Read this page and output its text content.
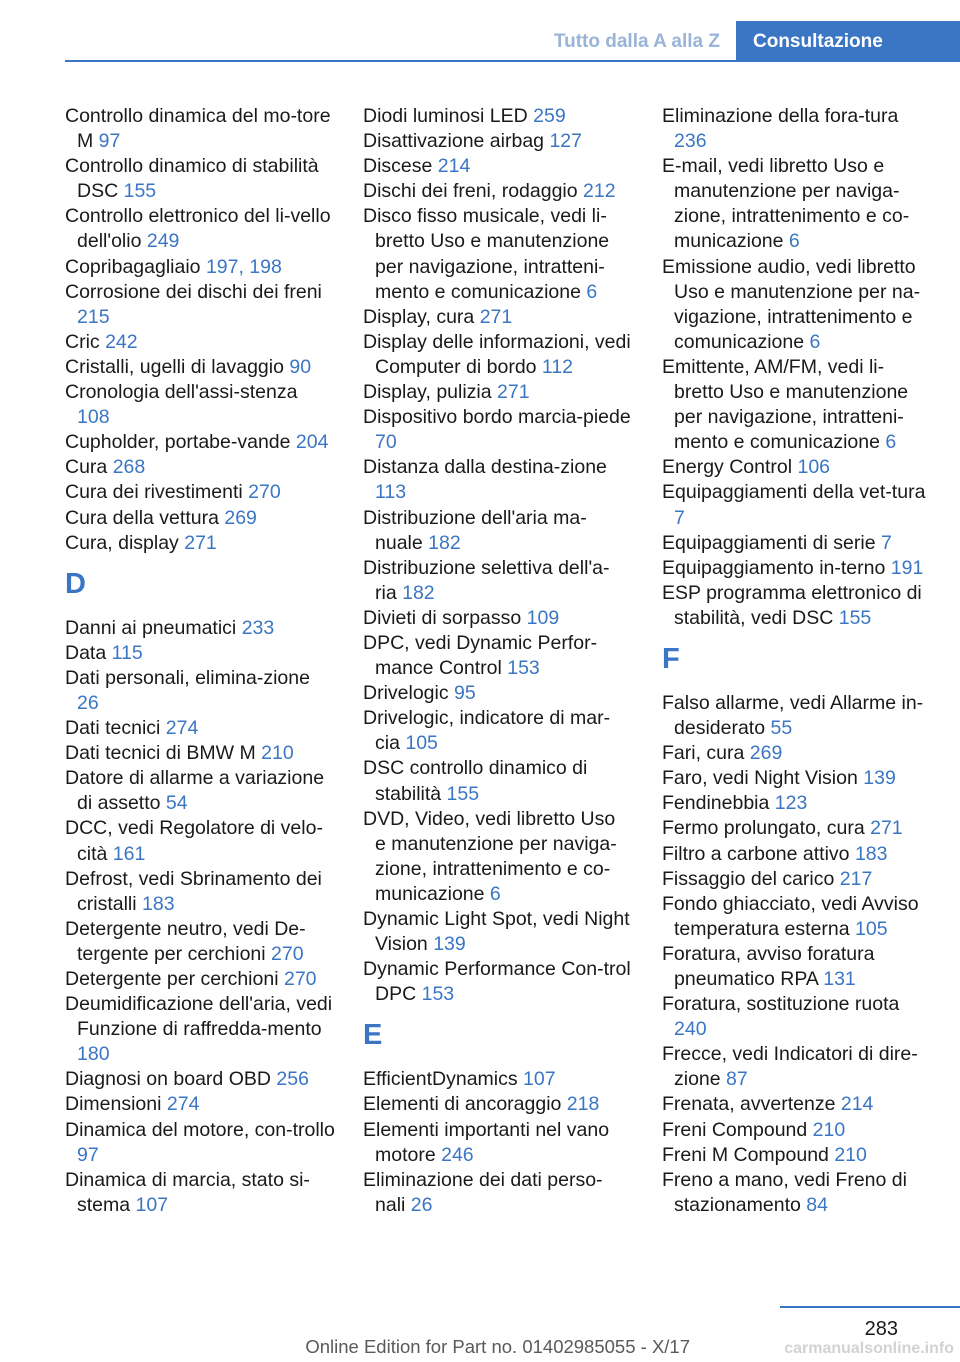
Tutto dalla A alla Z	Consultazione
Controllo dinamica del mo‐tore M 97
Controllo dinamico di stabilità DSC 155
Controllo elettronico del li‐vello dell'olio 249
Copribagagliaio 197, 198
Corrosione dei dischi dei freni 215
Cric 242
Cristalli, ugelli di lavaggio 90
Cronologia dell'assi‐stenza 108
Cupholder, portabe‐vande 204
Cura 268
Cura dei rivestimenti 270
Cura della vettura 269
Cura, display 271
D
Danni ai pneumatici 233
Data 115
Dati personali, elimina‐zione 26
Dati tecnici 274
Dati tecnici di BMW M 210
Datore di allarme a variazione di assetto 54
DCC, vedi Regolatore di velo‐cità 161
Defrost, vedi Sbrinamento dei cristalli 183
Detergente neutro, vedi De‐tergente per cerchioni 270
Detergente per cerchioni 270
Deumidificazione dell'aria, vedi Funzione di raffredda‐mento 180
Diagnosi on board OBD 256
Dimensioni 274
Dinamica del motore, con‐trollo 97
Dinamica di marcia, stato si‐stema 107
Diodi luminosi LED 259
Disattivazione airbag 127
Discese 214
Dischi dei freni, rodaggio 212
Disco fisso musicale, vedi li‐bretto Uso e manutenzione per navigazione, intratteni‐mento e comunicazione 6
Display, cura 271
Display delle informazioni, vedi Computer di bordo 112
Display, pulizia 271
Dispositivo bordo marcia‐piede 70
Distanza dalla destina‐zione 113
Distribuzione dell'aria ma‐nuale 182
Distribuzione selettiva dell'a‐ria 182
Divieti di sorpasso 109
DPC, vedi Dynamic Perfor‐mance Control 153
Drivelogic 95
Drivelogic, indicatore di mar‐cia 105
DSC controllo dinamico di stabilità 155
DVD, Video, vedi libretto Uso e manutenzione per naviga‐zione, intrattenimento e co‐municazione 6
Dynamic Light Spot, vedi Night Vision 139
Dynamic Performance Con‐trol DPC 153
E
EfficientDynamics 107
Elementi di ancoraggio 218
Elementi importanti nel vano motore 246
Eliminazione dei dati perso‐nali 26
Eliminazione della fora‐tura 236
E-mail, vedi libretto Uso e manutenzione per naviga‐zione, intrattenimento e co‐municazione 6
Emissione audio, vedi libretto Uso e manutenzione per na‐vigazione, intrattenimento e comunicazione 6
Emittente, AM/FM, vedi li‐bretto Uso e manutenzione per navigazione, intratteni‐mento e comunicazione 6
Energy Control 106
Equipaggiamenti della vet‐tura 7
Equipaggiamenti di serie 7
Equipaggiamento in‐terno 191
ESP programma elettronico di stabilità, vedi DSC 155
F
Falso allarme, vedi Allarme in‐desiderato 55
Fari, cura 269
Faro, vedi Night Vision 139
Fendinebbia 123
Fermo prolungato, cura 271
Filtro a carbone attivo 183
Fissaggio del carico 217
Fondo ghiacciato, vedi Avviso temperatura esterna 105
Foratura, avviso foratura pneumatico RPA 131
Foratura, sostituzione ruota 240
Frecce, vedi Indicatori di dire‐zione 87
Frenata, avvertenze 214
Freni Compound 210
Freni M Compound 210
Freno a mano, vedi Freno di stazionamento 84
283
Online Edition for Part no. 01402985055 - X/17	carmanualsonline.info
